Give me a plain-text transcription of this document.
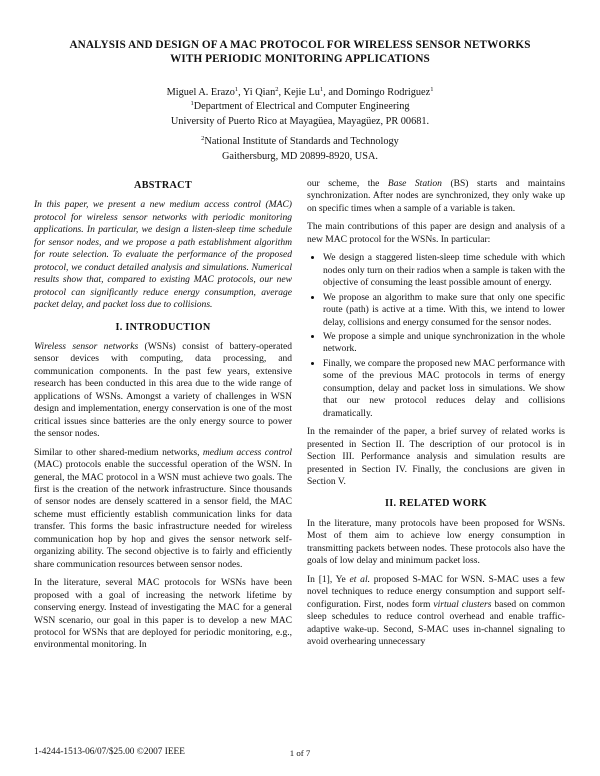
ANALYSIS AND DESIGN OF A MAC PROTOCOL FOR WIRELESS SENSOR NETWORKS
WITH PERIODIC MONITORING APPLICATIONS
Miguel A. Erazo$^1$, Yi Qian$^2$, Kejie Lu$^1$, and Domingo Rodriguez$^1$
$^1$Department of Electrical and Computer Engineering
University of Puerto Rico at Mayagüea, Mayagüez, PR 00681.
$^2$National Institute of Standards and Technology
Gaithersburg, MD 20899-8920, USA.
ABSTRACT

In this paper, we present a new medium access control (MAC) protocol for wireless sensor networks with periodic monitoring applications. In particular, we design a listen-sleep time schedule for sensor nodes, and we propose a path establishment algorithm for route selection. To evaluate the performance of the proposed protocol, we conduct detailed analysis and simulations. Numerical results show that, compared to existing MAC protocols, our new protocol can significantly reduce energy consumption, average packet delay, and packet loss due to collisions.

I. INTRODUCTION

Wireless sensor networks (WSNs) consist of battery-operated sensor devices with computing, data processing, and communication components. In the past few years, extensive research has been conducted in this area due to the wide range of applications of WSNs. Amongst a variety of challenges in WSN design and implementation, energy conservation is one of the most critical issues since batteries are the only energy source to power the sensor nodes.

Similar to other shared-medium networks, medium access control (MAC) protocols enable the successful operation of the WSN. In general, the MAC protocol in a WSN must achieve two goals. The first is the creation of the network infrastructure. Since thousands of sensor nodes are densely scattered in a sensor field, the MAC scheme must efficiently establish communication links for data transfer. This forms the basic infrastructure needed for wireless communication hop by hop and gives the sensor network self-organizing ability. The second objective is to fairly and efficiently share communication resources between sensor nodes.

In the literature, several MAC protocols for WSNs have been proposed with a goal of increasing the network lifetime by conserving energy. Instead of investigating the MAC for a general WSN scenario, our goal in this paper is to develop a new MAC protocol for WSNs that are deployed for periodic monitoring, e.g., environmental monitoring. In

our scheme, the Base Station (BS) starts and maintains synchronization. After nodes are synchronized, they only wake up on specific times when a sample of a variable is taken.

The main contributions of this paper are design and analysis of a new MAC protocol for the WSNs. In particular:

• We design a staggered listen-sleep time schedule with which nodes only turn on their radios when a sample is taken with the objective of consuming the least possible amount of energy.
• We propose an algorithm to make sure that only one specific route (path) is active at a time. With this, we intend to lower delay, collisions and energy consumed for the sensor nodes.
• We propose a simple and unique synchronization in the whole network.
• Finally, we compare the proposed new MAC performance with some of the previous MAC protocols in terms of energy consumption, delay and packet loss in simulations. We show that our new protocol reduces delay and collisions dramatically.

In the remainder of the paper, a brief survey of related works is presented in Section II. The description of our protocol is in Section III. Performance analysis and simulation results are presented in Section IV. Finally, the conclusions are given in Section V.

II. RELATED WORK

In the literature, many protocols have been proposed for WSNs. Most of them aim to achieve low energy consumption in transmitting packets between nodes. These protocols also have the goals of low delay and minimum packet loss.

In [1], Ye et al. proposed S-MAC for WSN. S-MAC uses a few novel techniques to reduce energy consumption and support self-configuration. First, nodes form virtual clusters based on common sleep schedules to reduce control overhead and enable traffic-adaptive wake-up. Second, S-MAC uses in-channel signaling to avoid overhearing unnecessary

1-4244-1513-06/07/$25.00 ©2007 IEEE	1 of 7
